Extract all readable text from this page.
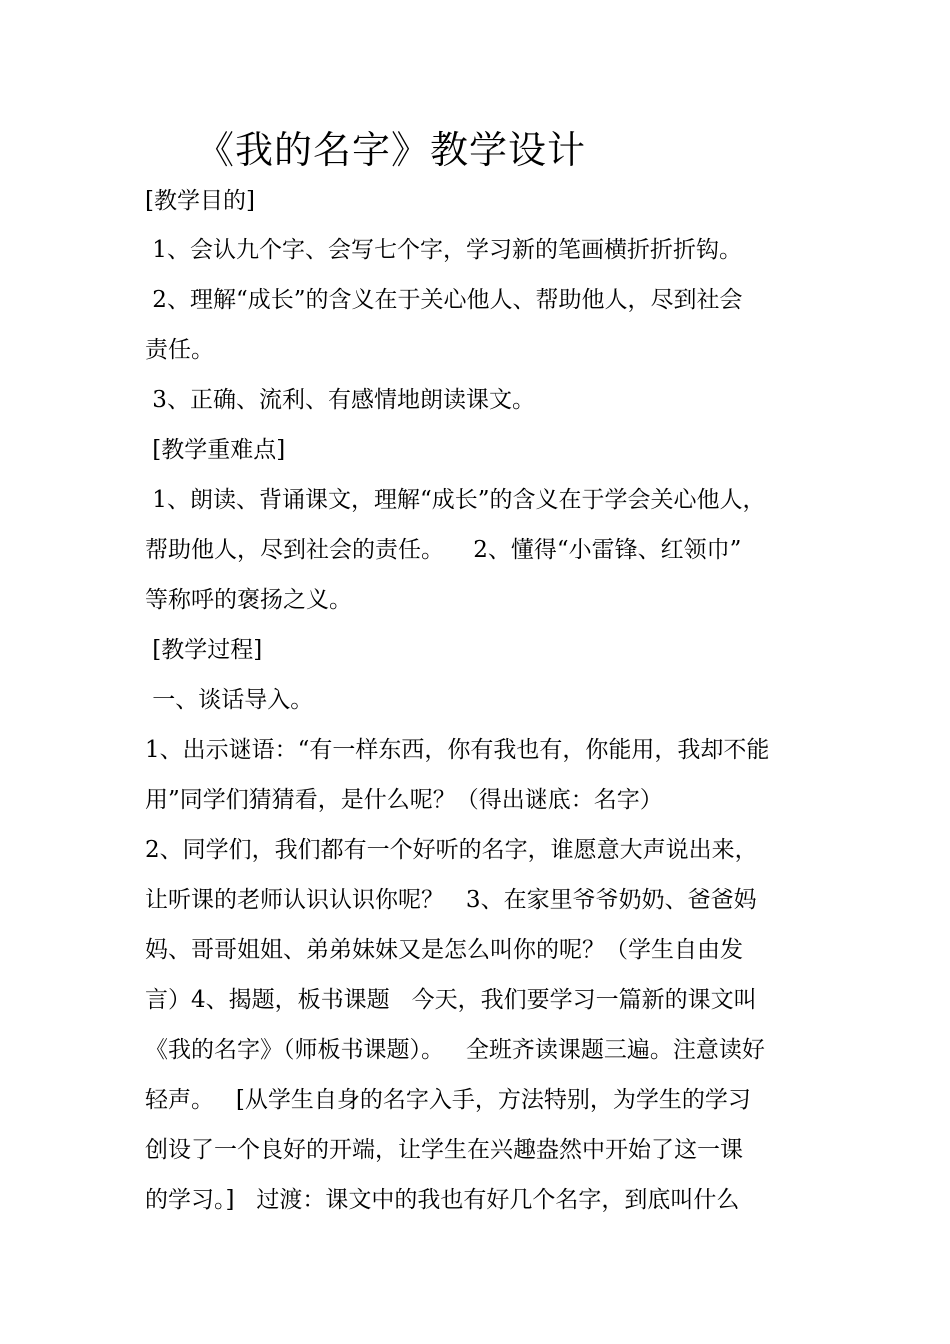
《我的名字》教学设计
[教学目的]
1、会认九个字、会写七个字，学习新的笔画横折折折钩。
2、理解“成长”的含义在于关心他人、帮助他人，尽到社会
责任。
3、正确、流利、有感情地朗读课文。
[教学重难点]
1、朗读、背诵课文，理解“成长”的含义在于学会关心他人，
帮助他人，尽到社会的责任。    2、懂得“小雷锋、红领巾”
等称呼的褒扬之义。
[教学过程]
一、谈话导入。
1、出示谜语：“有一样东西，你有我也有，你能用，我却不能
用”同学们猜猜看，是什么呢？（得出谜底：名字）
2、同学们，我们都有一个好听的名字，谁愿意大声说出来，
让听课的老师认识认识你呢？   3、在家里爷爷奶奶、爸爸妈
妈、哥哥姐姐、弟弟妹妹又是怎么叫你的呢？（学生自由发
言）4、揭题，板书课题   今天，我们要学习一篇新的课文叫
《我的名字》（师板书课题）。   全班齐读课题三遍。注意读好
轻声。   [从学生自身的名字入手，方法特别，为学生的学习
创设了一个良好的开端，让学生在兴趣盎然中开始了这一课
的学习。]   过渡：课文中的我也有好几个名字，到底叫什么
